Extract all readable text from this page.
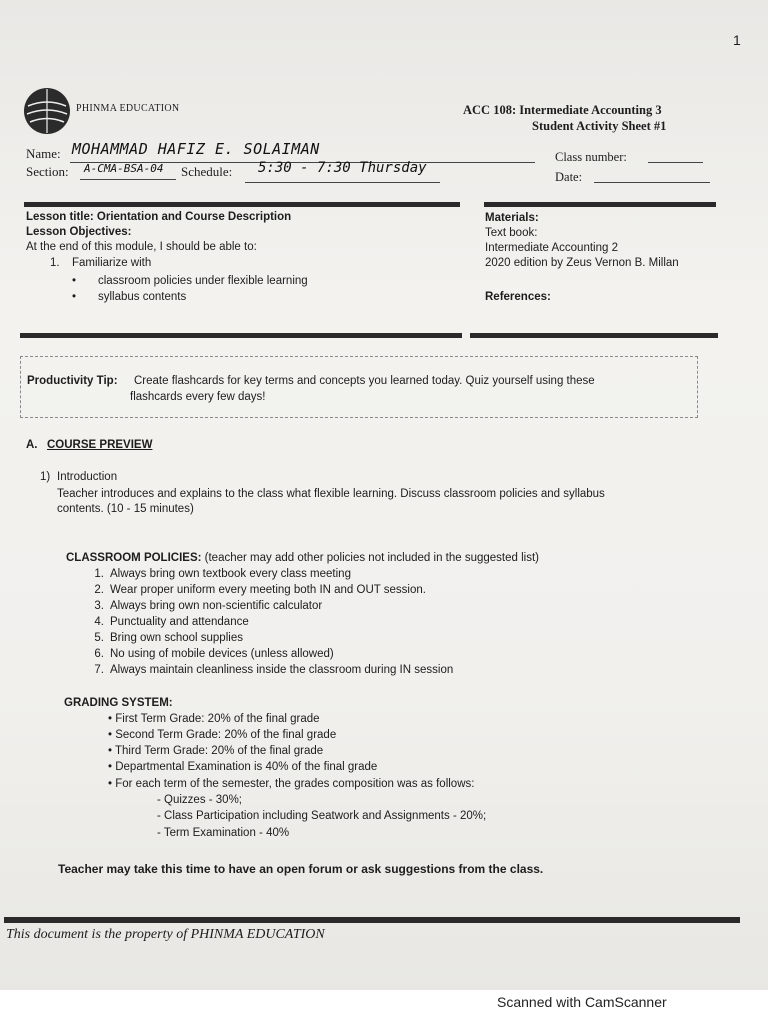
1
PHINMA EDUCATION	ACC 108: Intermediate Accounting 3
Student Activity Sheet #1
Name: MOHAMMAD HAFIZ E. SOLAIMAN
Section: A-CMA-BSA-04 Schedule: 5:30 - 7:30 Thursday
Class number:
Date:
Lesson title: Orientation and Course Description
Lesson Objectives:
At the end of this module, I should be able to:
1. Familiarize with
• classroom policies under flexible learning
• syllabus contents
Materials:
Text book:
Intermediate Accounting 2
2020 edition by Zeus Vernon B. Millan
References:
Productivity Tip: Create flashcards for key terms and concepts you learned today. Quiz yourself using these
flashcards every few days!
A. COURSE PREVIEW
1) Introduction
Teacher introduces and explains to the class what flexible learning. Discuss classroom policies and syllabus
contents. (10 - 15 minutes)
CLASSROOM POLICIES: (teacher may add other policies not included in the suggested list)
1. Always bring own textbook every class meeting
2. Wear proper uniform every meeting both IN and OUT session.
3. Always bring own non-scientific calculator
4. Punctuality and attendance
5. Bring own school supplies
6. No using of mobile devices (unless allowed)
7. Always maintain cleanliness inside the classroom during IN session
GRADING SYSTEM:
• First Term Grade: 20% of the final grade
• Second Term Grade: 20% of the final grade
• Third Term Grade: 20% of the final grade
• Departmental Examination is 40% of the final grade
• For each term of the semester, the grades composition was as follows:
- Quizzes - 30%;
- Class Participation including Seatwork and Assignments - 20%;
- Term Examination - 40%
Teacher may take this time to have an open forum or ask suggestions from the class.
This document is the property of PHINMA EDUCATION
Scanned with CamScanner
